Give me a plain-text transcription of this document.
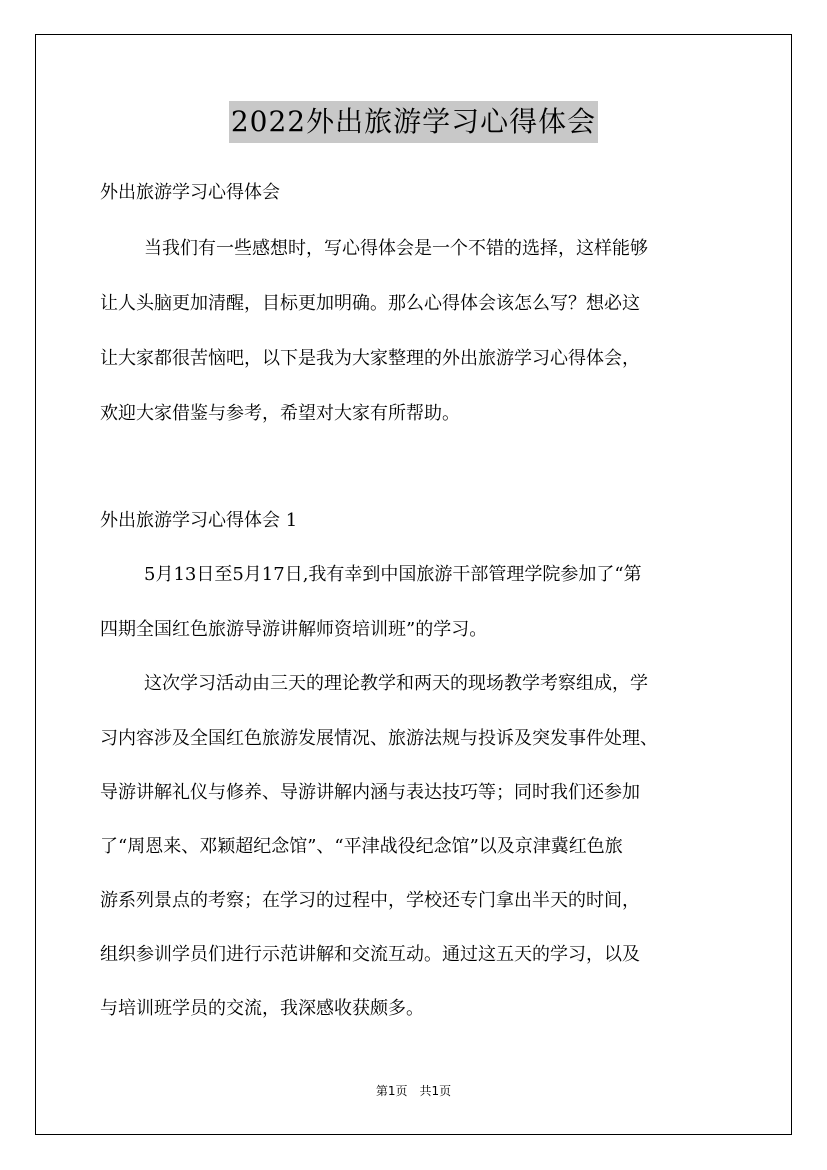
2022外出旅游学习心得体会
外出旅游学习心得体会
当我们有一些感想时，写心得体会是一个不错的选择，这样能够
让人头脑更加清醒，目标更加明确。那么心得体会该怎么写？想必这
让大家都很苦恼吧，以下是我为大家整理的外出旅游学习心得体会，
欢迎大家借鉴与参考，希望对大家有所帮助。
外出旅游学习心得体会 1
5月13日至5月17日,我有幸到中国旅游干部管理学院参加了“第
四期全国红色旅游导游讲解师资培训班”的学习。
这次学习活动由三天的理论教学和两天的现场教学考察组成，学
习内容涉及全国红色旅游发展情况、旅游法规与投诉及突发事件处理、
导游讲解礼仪与修养、导游讲解内涵与表达技巧等；同时我们还参加
了“周恩来、邓颖超纪念馆”、“平津战役纪念馆”以及京津冀红色旅
游系列景点的考察；在学习的过程中，学校还专门拿出半天的时间，
组织参训学员们进行示范讲解和交流互动。通过这五天的学习，以及
与培训班学员的交流，我深感收获颇多。
第1页　共1页
